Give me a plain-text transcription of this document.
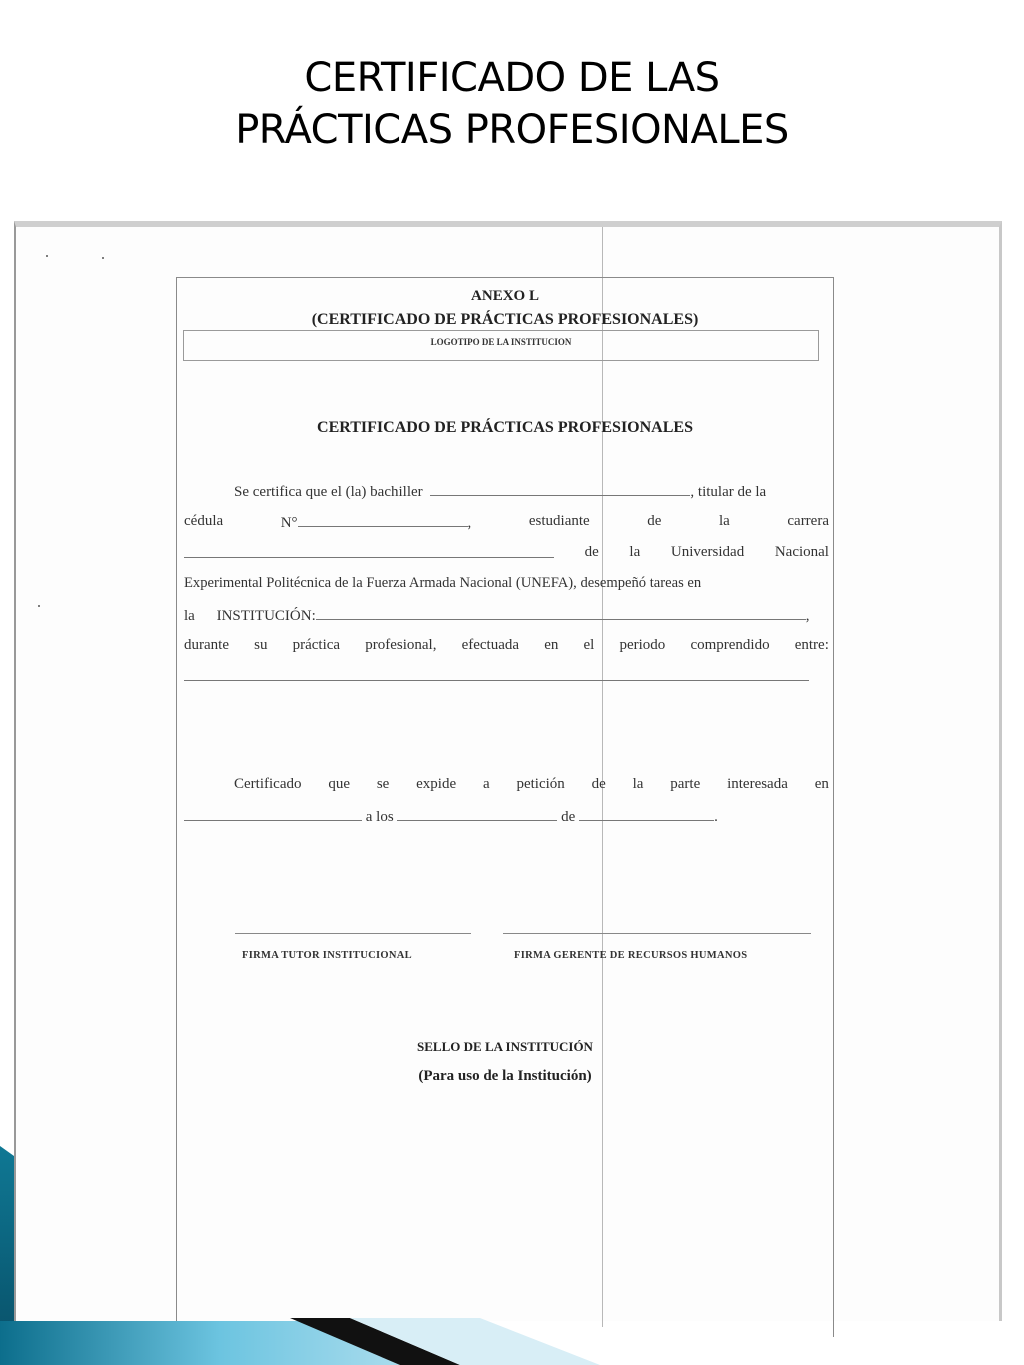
CERTIFICADO DE LAS
PRÁCTICAS PROFESIONALES
ANEXO L
(CERTIFICADO DE PRÁCTICAS PROFESIONALES)
LOGOTIPO DE LA INSTITUCION
CERTIFICADO DE PRÁCTICAS PROFESIONALES
Se certifica que el (la) bachiller	, titular de la
cédula	N°	,	estudiante	de	la	carrera
de la Universidad Nacional
Experimental Politécnica de la Fuerza Armada Nacional (UNEFA), desempeñó tareas en
la INSTITUCIÓN:	,
durante su práctica profesional, efectuada en el periodo comprendido entre:
Certificado que se expide a petición de la parte interesada en
a los	de	.
FIRMA TUTOR INSTITUCIONAL	FIRMA GERENTE DE RECURSOS HUMANOS
SELLO DE LA INSTITUCIÓN
(Para uso de la Institución)
